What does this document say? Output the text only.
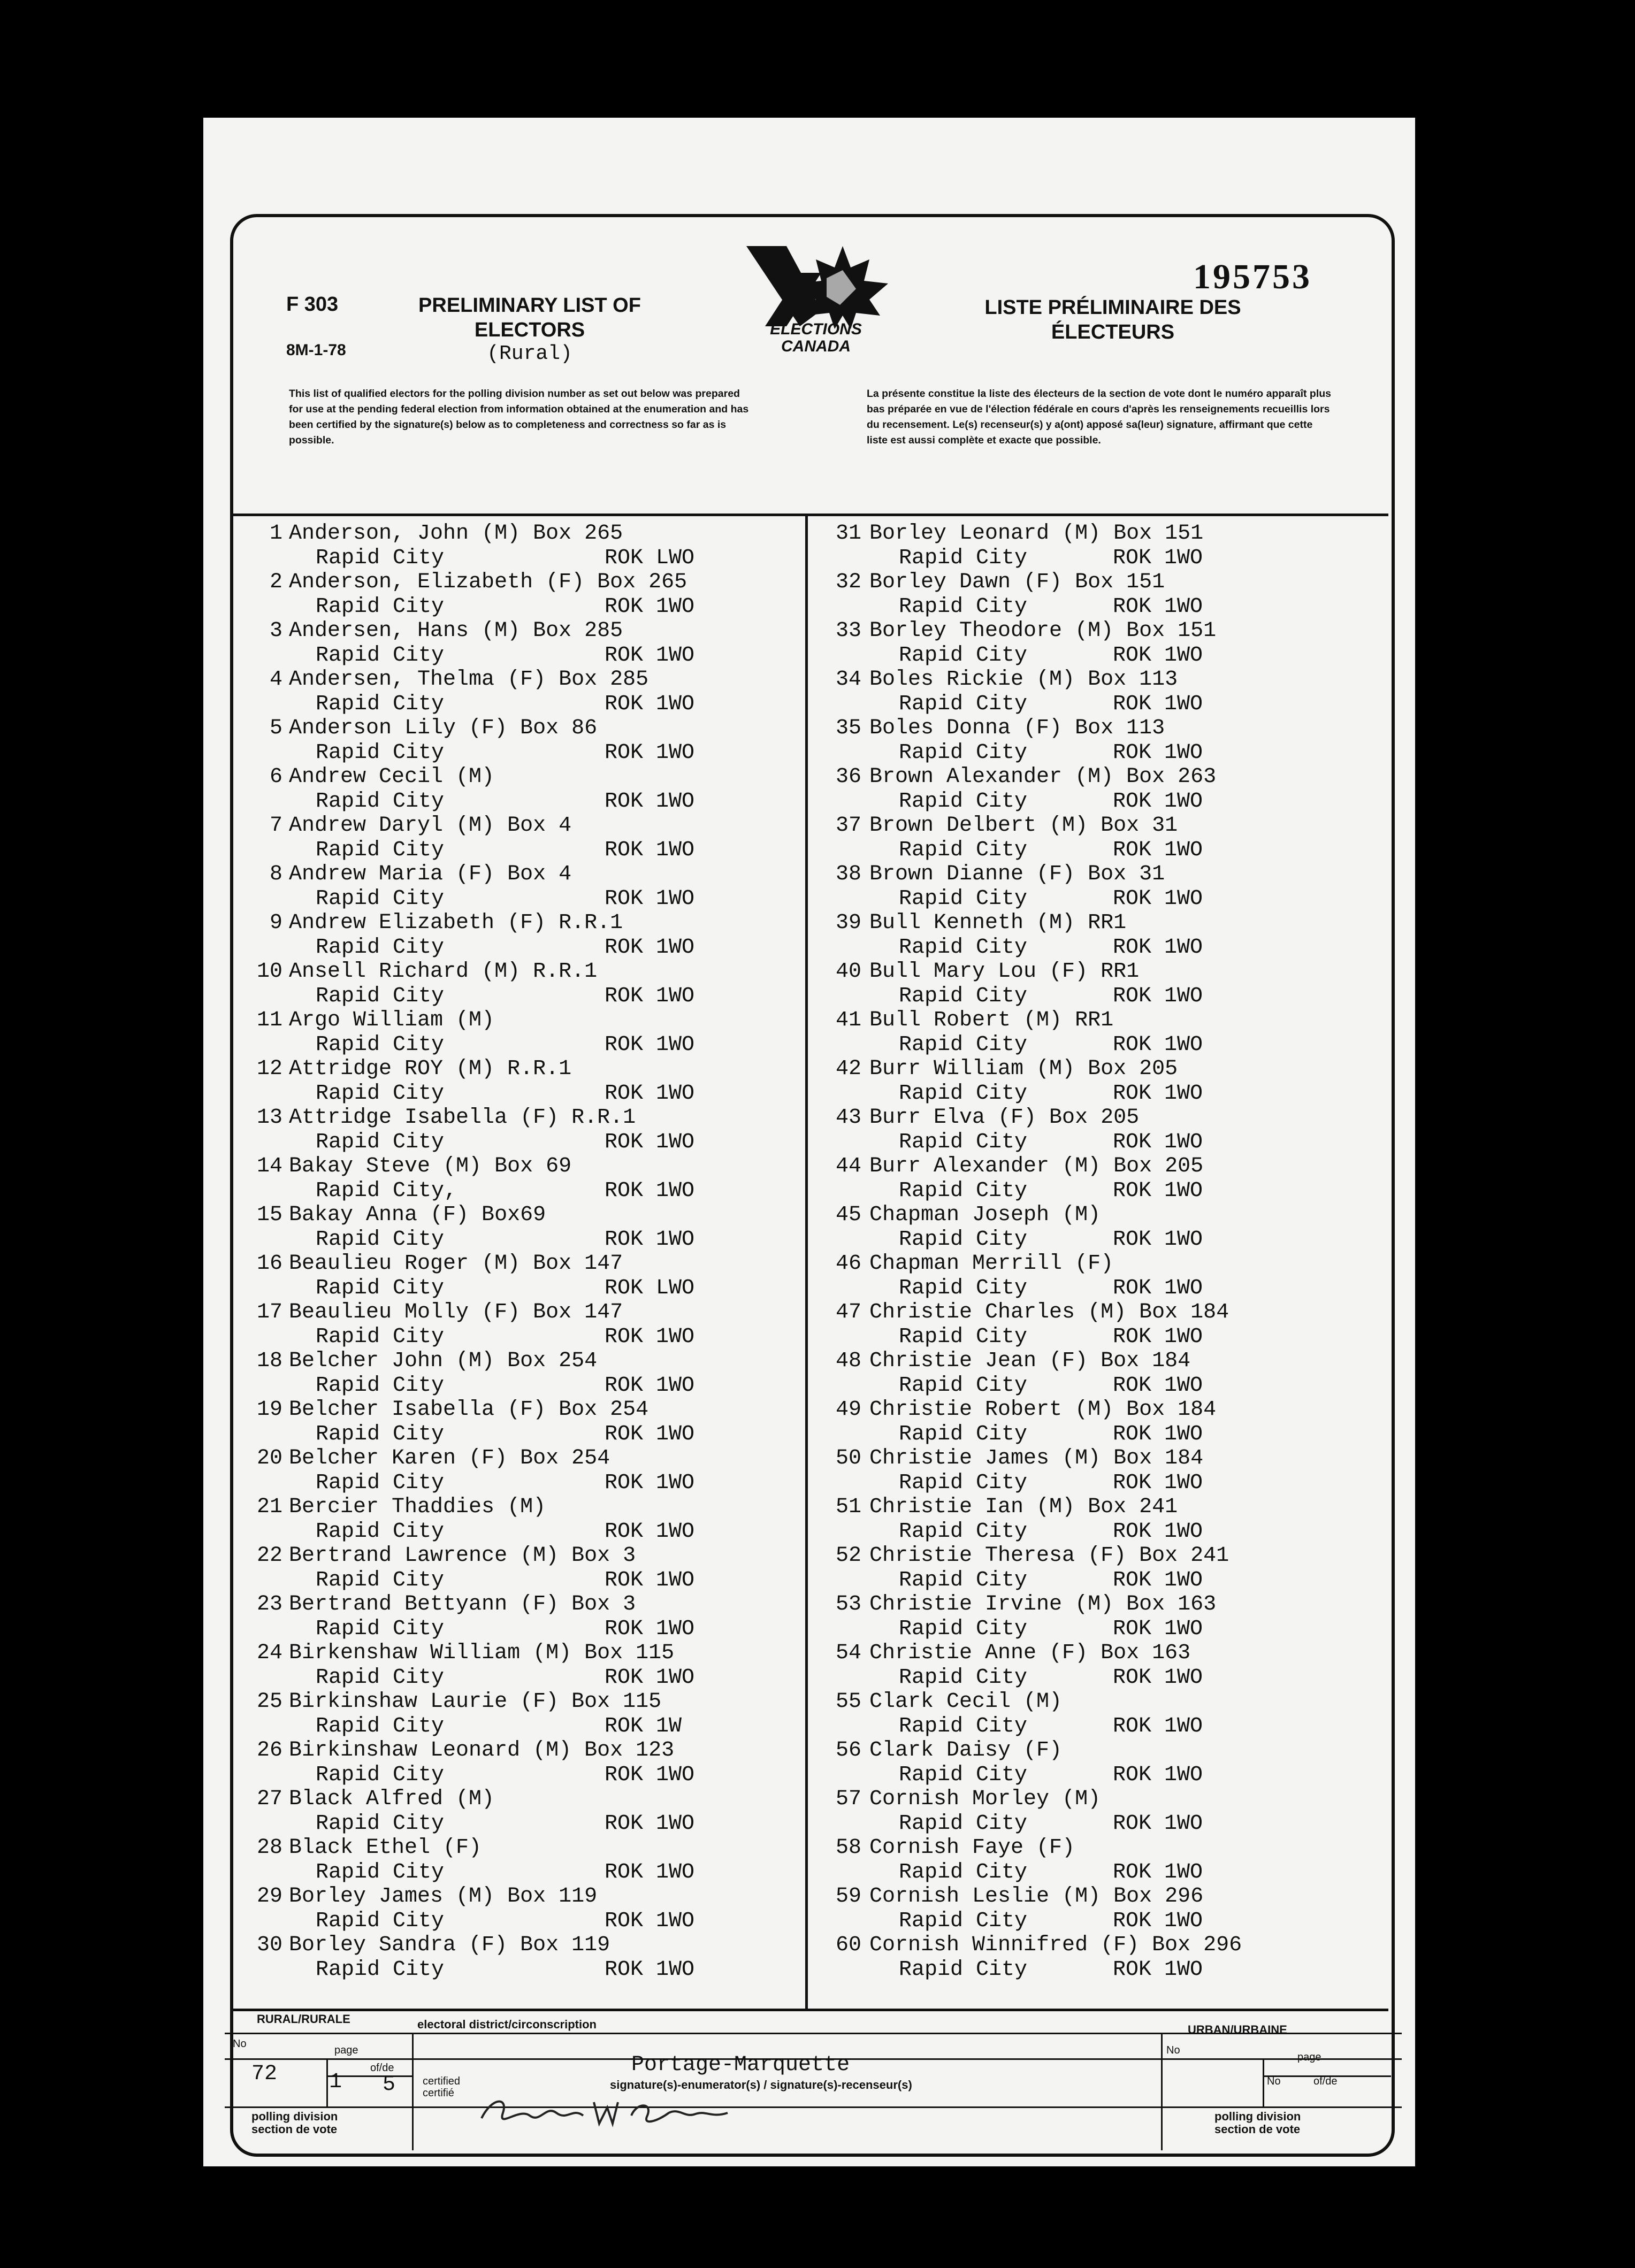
195753
F 303
8M-1-78
PRELIMINARY LIST OF
ELECTORS
(Rural)
ELECTIONS
CANADA
LISTE PRÉLIMINAIRE DES
ÉLECTEURS
This list of qualified electors for the polling division number as set out below was prepared for use at the pending federal election from information obtained at the enumeration and has been certified by the signature(s) below as to completeness and correctness so far as is possible.
La présente constitue la liste des électeurs de la section de vote dont le numéro apparaît plus bas préparée en vue de l'élection fédérale en cours d'après les renseignements recueillis lors du recensement. Le(s) recenseur(s) y a(ont) apposé sa(leur) signature, affirmant que cette liste est aussi complète et exacte que possible.
1 Anderson, John (M) Box 265
Rapid City	ROK LWO
2 Anderson, Elizabeth (F) Box 265
Rapid City	ROK 1WO
3 Andersen, Hans (M) Box 285
Rapid City	ROK 1WO
4 Andersen, Thelma (F) Box 285
Rapid City	ROK 1WO
5 Anderson Lily (F) Box 86
Rapid City	ROK 1WO
6 Andrew Cecil (M)
Rapid City	ROK 1WO
7 Andrew Daryl (M) Box 4
Rapid City	ROK 1WO
8 Andrew Maria (F) Box 4
Rapid City	ROK 1WO
9 Andrew Elizabeth (F) R.R.1
Rapid City	ROK 1WO
10 Ansell Richard (M) R.R.1
Rapid City	ROK 1WO
11 Argo William (M)
Rapid City	ROK 1WO
12 Attridge ROY (M) R.R.1
Rapid City	ROK 1WO
13 Attridge Isabella (F) R.R.1
Rapid City	ROK 1WO
14 Bakay Steve (M) Box 69
Rapid City,	ROK 1WO
15 Bakay Anna (F) Box69
Rapid City	ROK 1WO
16 Beaulieu Roger (M) Box 147
Rapid City	ROK LWO
17 Beaulieu Molly (F) Box 147
Rapid City	ROK 1WO
18 Belcher John (M) Box 254
Rapid City	ROK 1WO
19 Belcher Isabella (F) Box 254
Rapid City	ROK 1WO
20 Belcher Karen (F) Box 254
Rapid City	ROK 1WO
21 Bercier Thaddies (M)
Rapid City	ROK 1WO
22 Bertrand Lawrence (M) Box 3
Rapid City	ROK 1WO
23 Bertrand Bettyann (F) Box 3
Rapid City	ROK 1WO
24 Birkenshaw William (M) Box 115
Rapid City	ROK 1WO
25 Birkinshaw Laurie (F) Box 115
Rapid City	ROK 1W
26 Birkinshaw Leonard (M) Box 123
Rapid City	ROK 1WO
27 Black Alfred (M)
Rapid City	ROK 1WO
28 Black Ethel (F)
Rapid City	ROK 1WO
29 Borley James (M) Box 119
Rapid City	ROK 1WO
30 Borley Sandra (F) Box 119
Rapid City	ROK 1WO
31 Borley Leonard (M) Box 151
Rapid City	ROK 1WO
32 Borley Dawn (F) Box 151
Rapid City	ROK 1WO
33 Borley Theodore (M) Box 151
Rapid City	ROK 1WO
34 Boles Rickie (M) Box 113
Rapid City	ROK 1WO
35 Boles Donna (F) Box 113
Rapid City	ROK 1WO
36 Brown Alexander (M) Box 263
Rapid City	ROK 1WO
37 Brown Delbert (M) Box 31
Rapid City	ROK 1WO
38 Brown Dianne (F) Box 31
Rapid City	ROK 1WO
39 Bull Kenneth (M) RR1
Rapid City	ROK 1WO
40 Bull Mary Lou (F) RR1
Rapid City	ROK 1WO
41 Bull Robert (M) RR1
Rapid City	ROK 1WO
42 Burr William (M) Box 205
Rapid City	ROK 1WO
43 Burr Elva (F) Box 205
Rapid City	ROK 1WO
44 Burr Alexander (M) Box 205
Rapid City	ROK 1WO
45 Chapman Joseph (M)
Rapid City	ROK 1WO
46 Chapman Merrill (F)
Rapid City	ROK 1WO
47 Christie Charles (M) Box 184
Rapid City	ROK 1WO
48 Christie Jean (F) Box 184
Rapid City	ROK 1WO
49 Christie Robert (M) Box 184
Rapid City	ROK 1WO
50 Christie James (M) Box 184
Rapid City	ROK 1WO
51 Christie Ian (M) Box 241
Rapid City	ROK 1WO
52 Christie Theresa (F) Box 241
Rapid City	ROK 1WO
53 Christie Irvine (M) Box 163
Rapid City	ROK 1WO
54 Christie Anne (F) Box 163
Rapid City	ROK 1WO
55 Clark Cecil (M)
Rapid City	ROK 1WO
56 Clark Daisy (F)
Rapid City	ROK 1WO
57 Cornish Morley (M)
Rapid City	ROK 1WO
58 Cornish Faye (F)
Rapid City	ROK 1WO
59 Cornish Leslie (M) Box 296
Rapid City	ROK 1WO
60 Cornish Winnifred (F) Box 296
Rapid City	ROK 1WO
RURAL/RURALE
No
72
page
1
of/de
5
polling division
section de vote
electoral district/circonscription
Portage-Marquette
certified
certifié
signature(s)-enumerator(s) / signature(s)-recenseur(s)
URBAN/URBAINE
No
page
No	of/de
polling division
section de vote
